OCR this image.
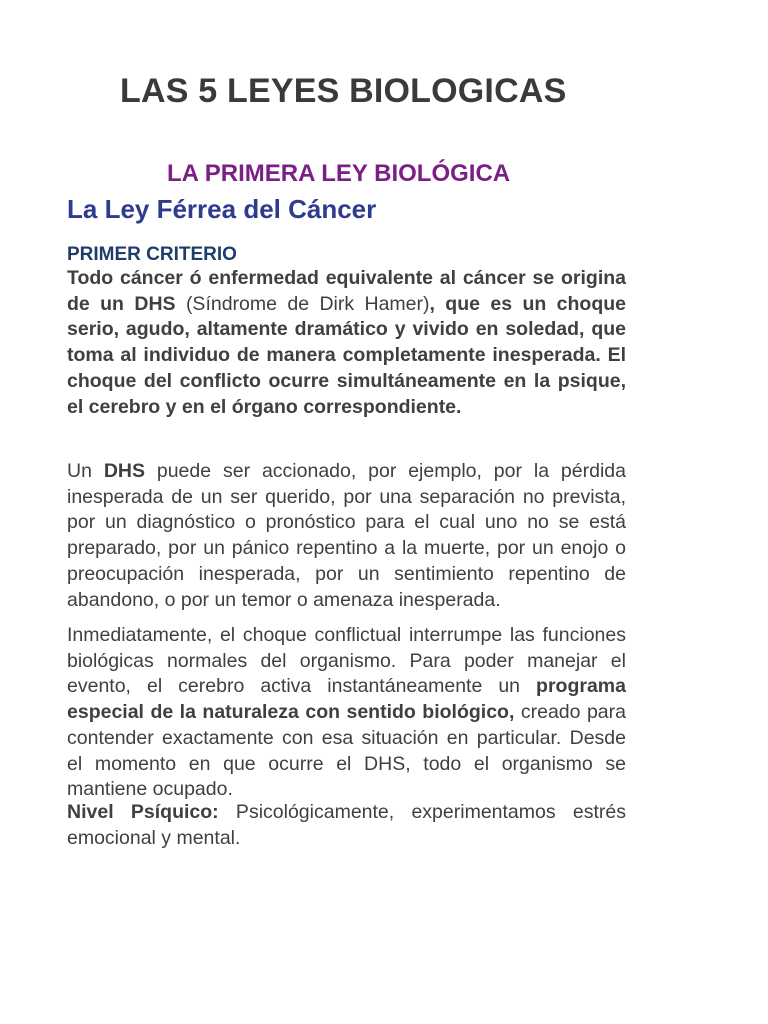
LAS 5 LEYES BIOLOGICAS
LA PRIMERA LEY BIOLÓGICA
La Ley Férrea del Cáncer
PRIMER CRITERIO

Todo cáncer ó enfermedad equivalente al cáncer se origina de un DHS (Síndrome de Dirk Hamer), que es un choque serio, agudo, altamente dramático y vivido en soledad, que toma al individuo de manera completamente inesperada. El choque del conflicto ocurre simultáneamente en la psique, el cerebro y en el órgano correspondiente.

Un DHS puede ser accionado, por ejemplo, por la pérdida inesperada de un ser querido, por una separación no prevista, por un diagnóstico o pronóstico para el cual uno no se está preparado, por un pánico repentino a la muerte, por un enojo o preocupación inesperada, por un sentimiento repentino de abandono, o por un temor o amenaza inesperada.

Inmediatamente, el choque conflictual interrumpe las funciones biológicas normales del organismo. Para poder manejar el evento, el cerebro activa instantáneamente un programa especial de la naturaleza con sentido biológico, creado para contender exactamente con esa situación en particular. Desde el momento en que ocurre el DHS, todo el organismo se mantiene ocupado.

Nivel Psíquico: Psicológicamente, experimentamos estrés emocional y mental.
